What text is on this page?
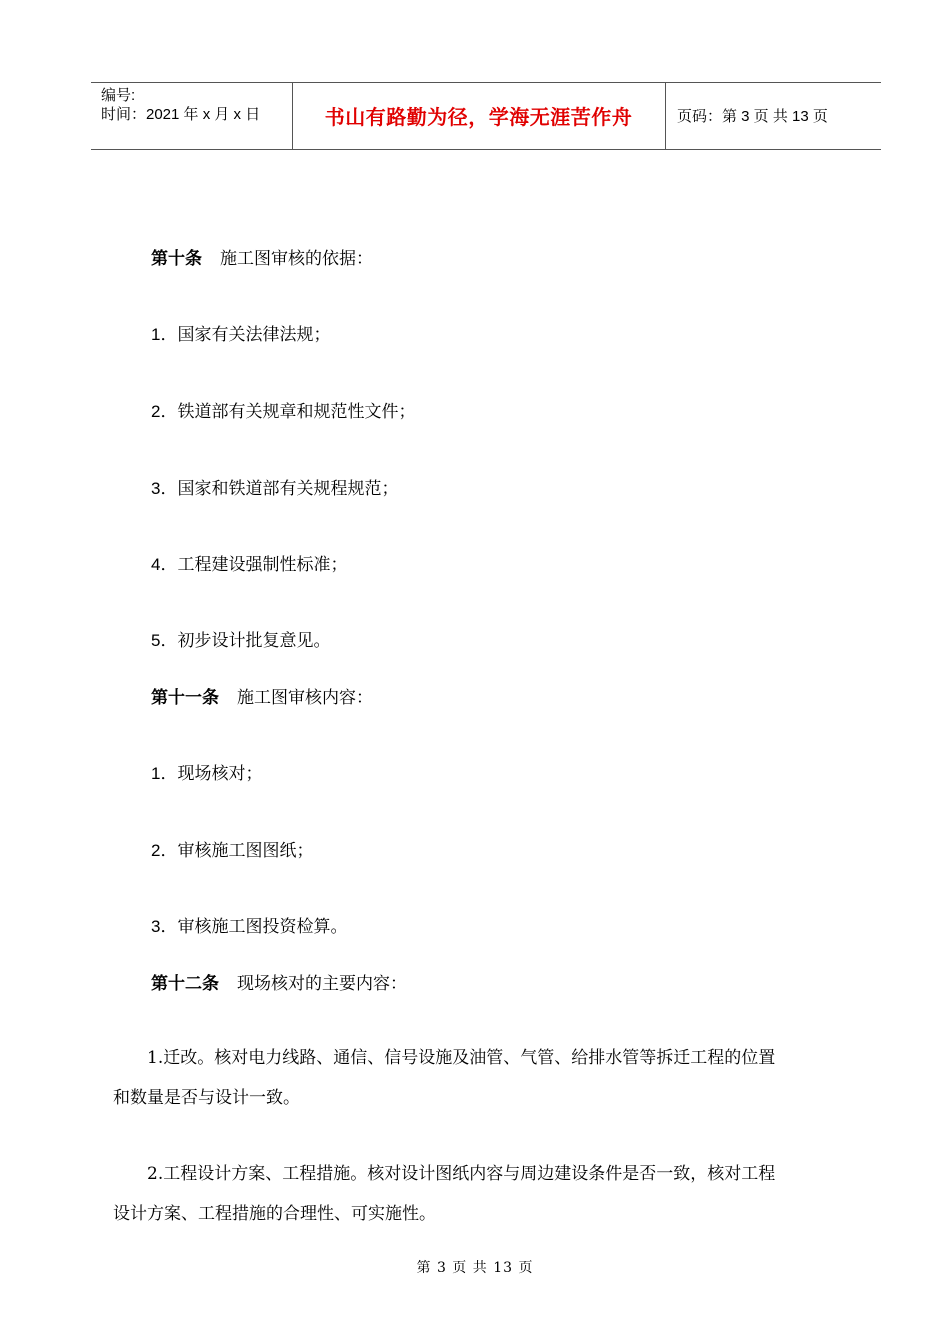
编号:
时间：2021 年 x 月 x 日	书山有路勤为径，学海无涯苦作舟	页码：第 3 页 共 13 页
第十条 施工图审核的依据：
1．国家有关法律法规；
2．铁道部有关规章和规范性文件；
3．国家和铁道部有关规程规范；
4．工程建设强制性标准；
5．初步设计批复意见。
第十一条 施工图审核内容：
1．现场核对；
2．审核施工图图纸；
3．审核施工图投资检算。
第十二条 现场核对的主要内容：
1.迁改。核对电力线路、通信、信号设施及油管、气管、给排水管等拆迁工程的位置
和数量是否与设计一致。
2.工程设计方案、工程措施。核对设计图纸内容与周边建设条件是否一致，核对工程
设计方案、工程措施的合理性、可实施性。
第 3 页 共 13 页
